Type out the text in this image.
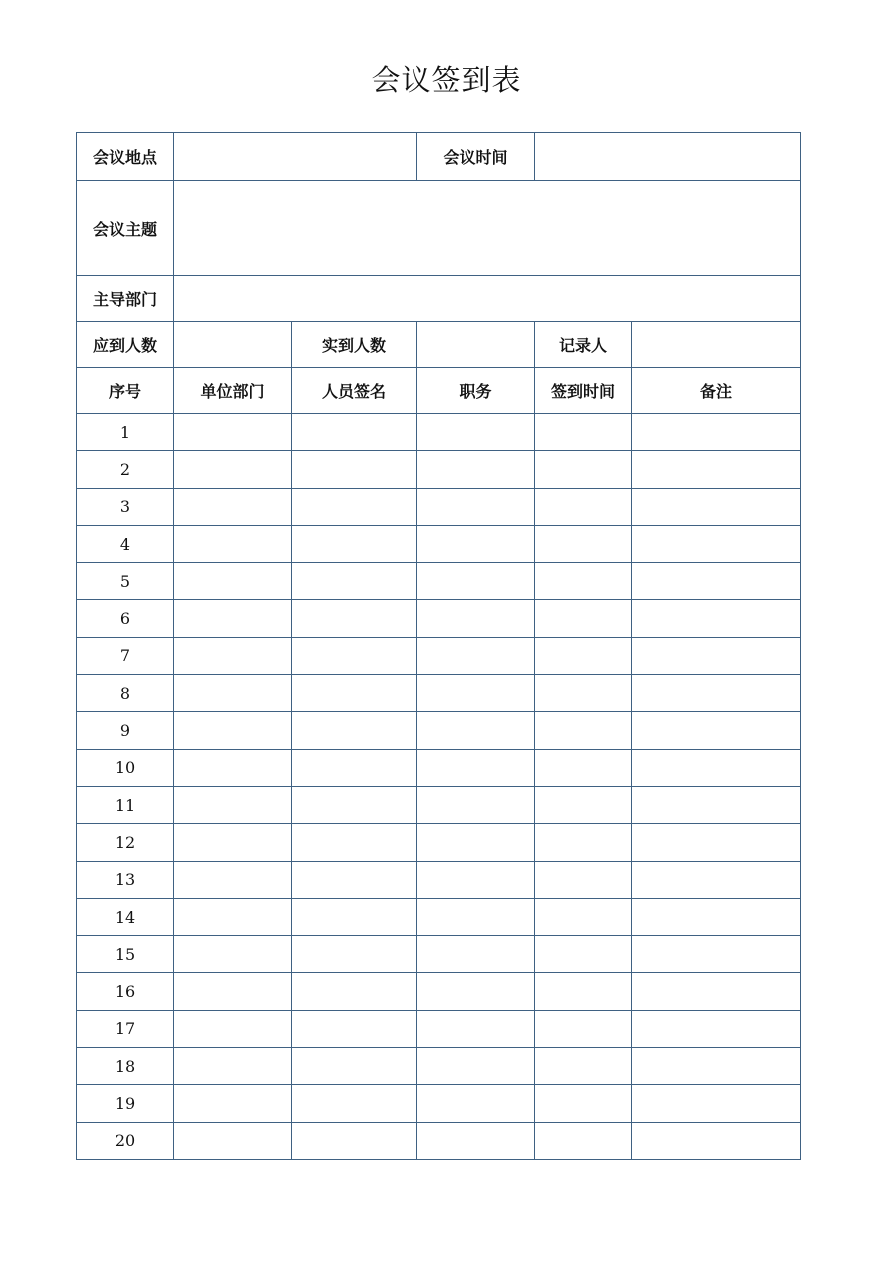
会议签到表
会议地点			会议时间		
会议主题					
主导部门					
应到人数		实到人数		记录人	
序号	单位部门	人员签名	职务	签到时间	备注
1					
2					
3					
4					
5					
6					
7					
8					
9					
10					
11					
12					
13					
14					
15					
16					
17					
18					
19					
20					
